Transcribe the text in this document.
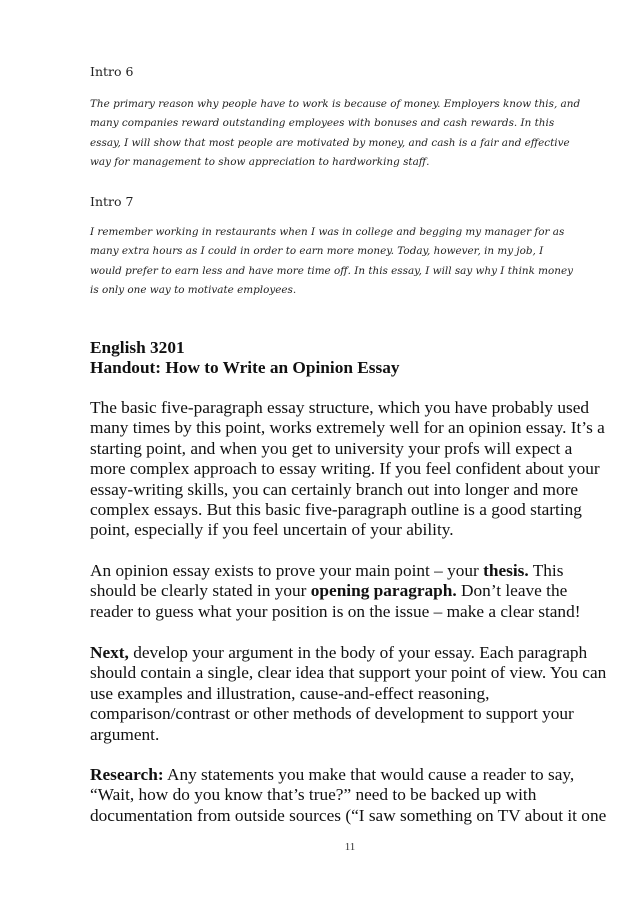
Intro 6

The primary reason why people have to work is because of money. Employers know this, and
many companies reward outstanding employees with bonuses and cash rewards. In this
essay, I will show that most people are motivated by money, and cash is a fair and effective
way for management to show appreciation to hardworking staff.

Intro 7

I remember working in restaurants when I was in college and begging my manager for as
many extra hours as I could in order to earn more money. Today, however, in my job, I
would prefer to earn less and have more time off. In this essay, I will say why I think money
is only one way to motivate employees.

English 3201

Handout: How to Write an Opinion Essay

The basic five-paragraph essay structure, which you have probably used
many times by this point, works extremely well for an opinion essay. It’s a
starting point, and when you get to university your profs will expect a
more complex approach to essay writing. If you feel confident about your
essay-writing skills, you can certainly branch out into longer and more
complex essays. But this basic five-paragraph outline is a good starting
point, especially if you feel uncertain of your ability.
An opinion essay exists to prove your main point – your thesis. This
should be clearly stated in your opening paragraph. Don’t leave the
reader to guess what your position is on the issue – make a clear stand!
Next, develop your argument in the body of your essay. Each paragraph
should contain a single, clear idea that support your point of view. You can
use examples and illustration, cause-and-effect reasoning,
comparison/contrast or other methods of development to support your
argument.
Research: Any statements you make that would cause a reader to say,
“Wait, how do you know that’s true?” need to be backed up with
documentation from outside sources (“I saw something on TV about it one
11
